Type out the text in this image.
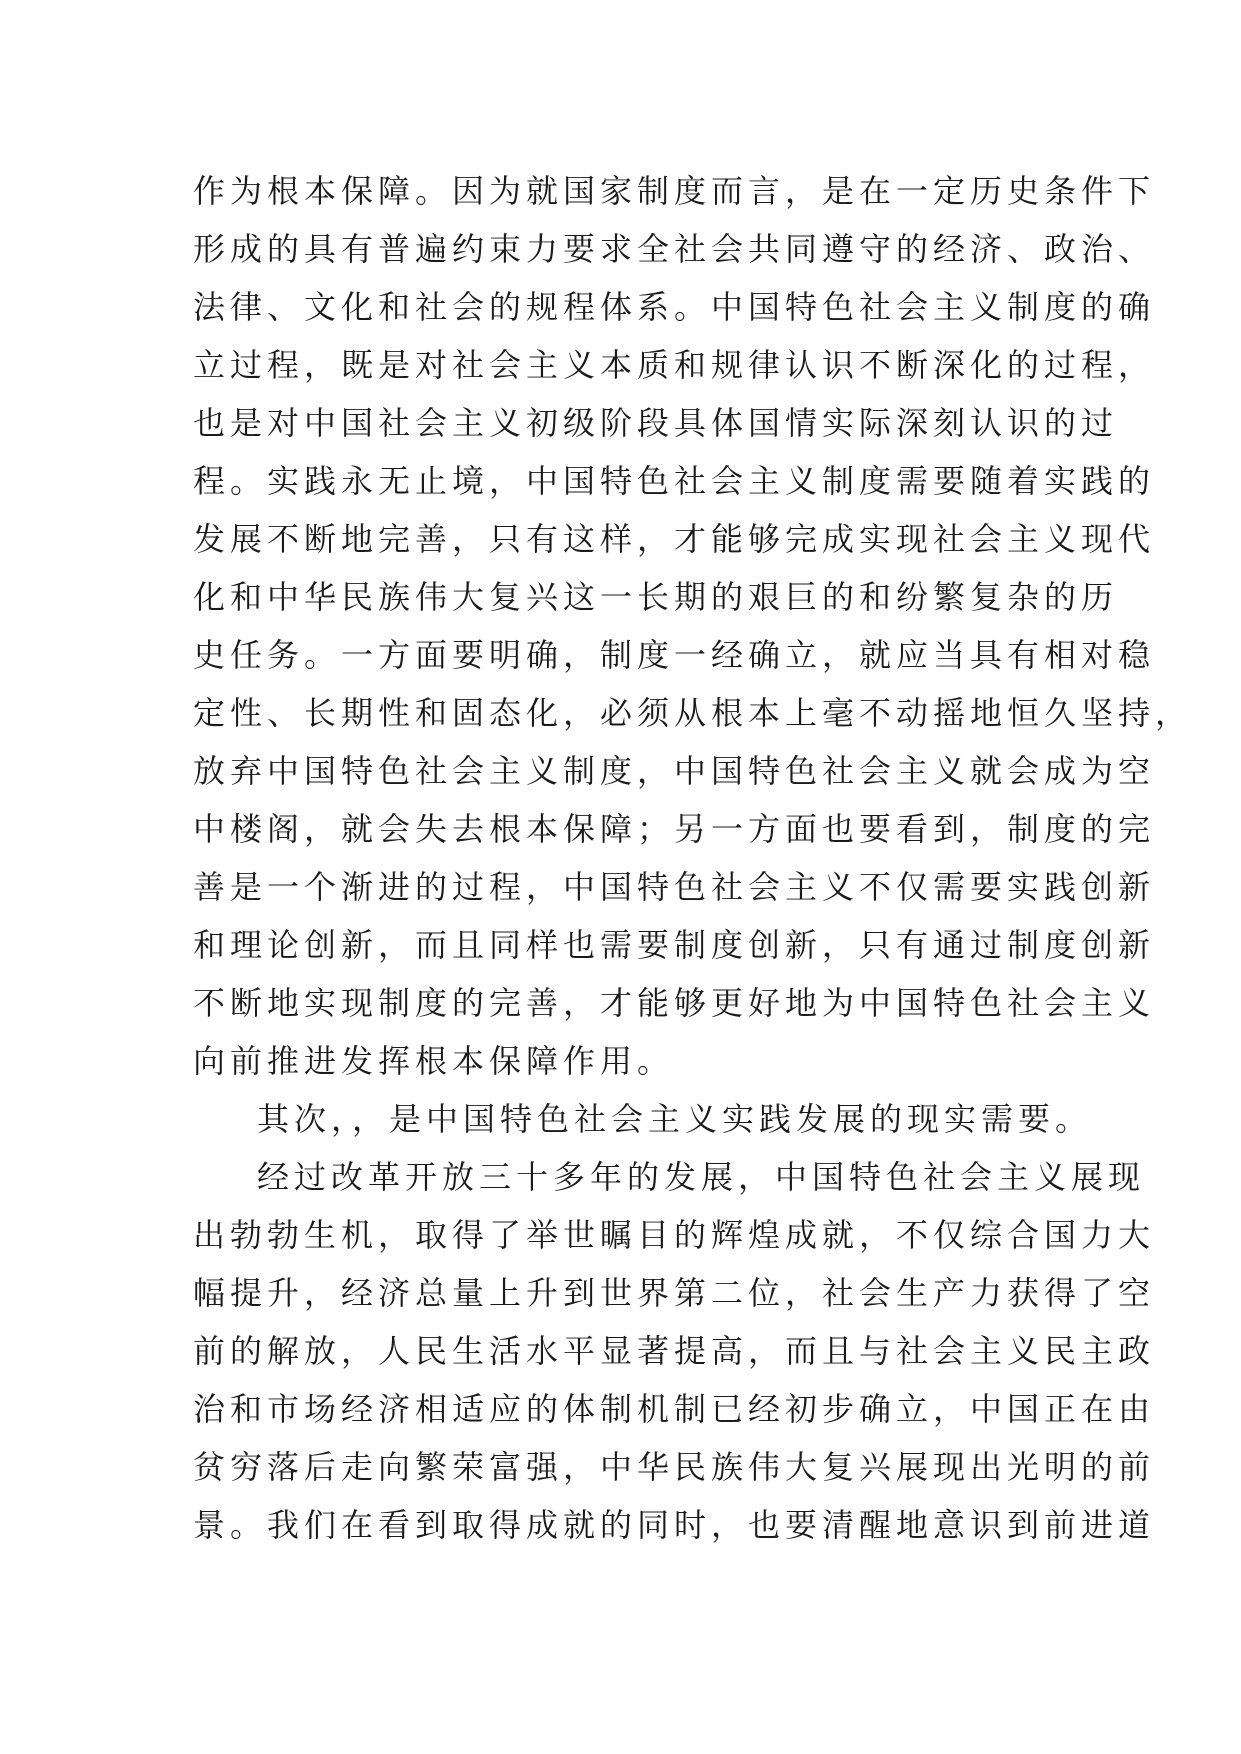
作为根本保障。因为就国家制度而言，是在一定历史条件下
形成的具有普遍约束力要求全社会共同遵守的经济、政治、
法律、文化和社会的规程体系。中国特色社会主义制度的确
立过程，既是对社会主义本质和规律认识不断深化的过程，
也是对中国社会主义初级阶段具体国情实际深刻认识的过
程。实践永无止境，中国特色社会主义制度需要随着实践的
发展不断地完善，只有这样，才能够完成实现社会主义现代
化和中华民族伟大复兴这一长期的艰巨的和纷繁复杂的历
史任务。一方面要明确，制度一经确立，就应当具有相对稳
定性、长期性和固态化，必须从根本上毫不动摇地恒久坚持，
放弃中国特色社会主义制度，中国特色社会主义就会成为空
中楼阁，就会失去根本保障；另一方面也要看到，制度的完
善是一个渐进的过程，中国特色社会主义不仅需要实践创新
和理论创新，而且同样也需要制度创新，只有通过制度创新
不断地实现制度的完善，才能够更好地为中国特色社会主义
向前推进发挥根本保障作用。
其次，，是中国特色社会主义实践发展的现实需要。
经过改革开放三十多年的发展，中国特色社会主义展现
出勃勃生机，取得了举世瞩目的辉煌成就，不仅综合国力大
幅提升，经济总量上升到世界第二位，社会生产力获得了空
前的解放，人民生活水平显著提高，而且与社会主义民主政
治和市场经济相适应的体制机制已经初步确立，中国正在由
贫穷落后走向繁荣富强，中华民族伟大复兴展现出光明的前
景。我们在看到取得成就的同时，也要清醒地意识到前进道
